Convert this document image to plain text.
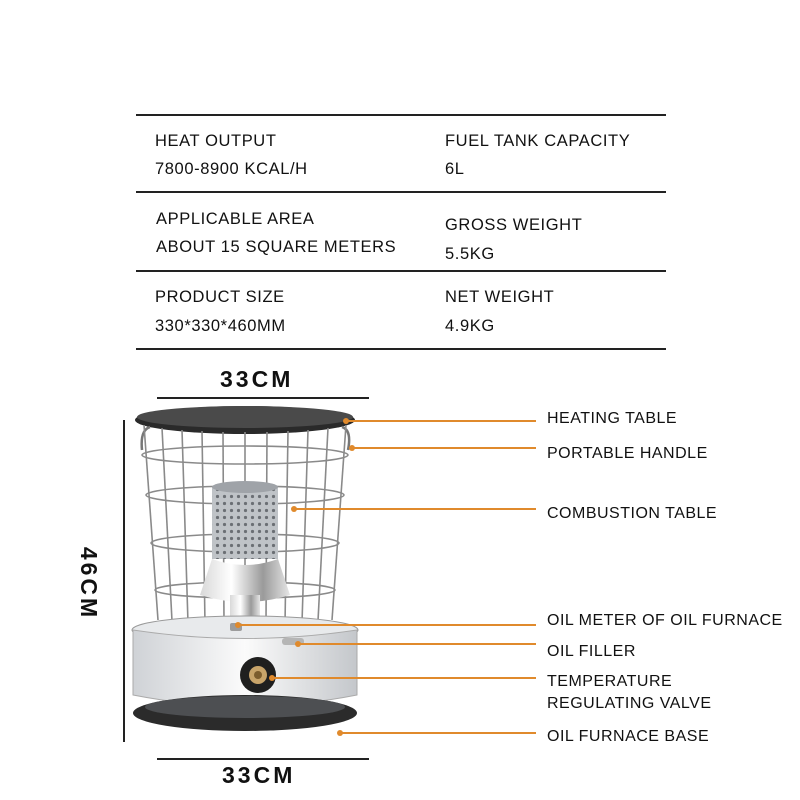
HEAT OUTPUT
7800-8900 KCAL/H
FUEL TANK CAPACITY
6L
APPLICABLE AREA
ABOUT 15 SQUARE METERS
GROSS WEIGHT
5.5KG
PRODUCT SIZE
330*330*460MM
NET WEIGHT
4.9KG
33CM
33CM
46CM
HEATING TABLE
PORTABLE HANDLE
COMBUSTION TABLE
OIL METER OF OIL FURNACE
OIL FILLER
TEMPERATURE
REGULATING VALVE
OIL FURNACE BASE
